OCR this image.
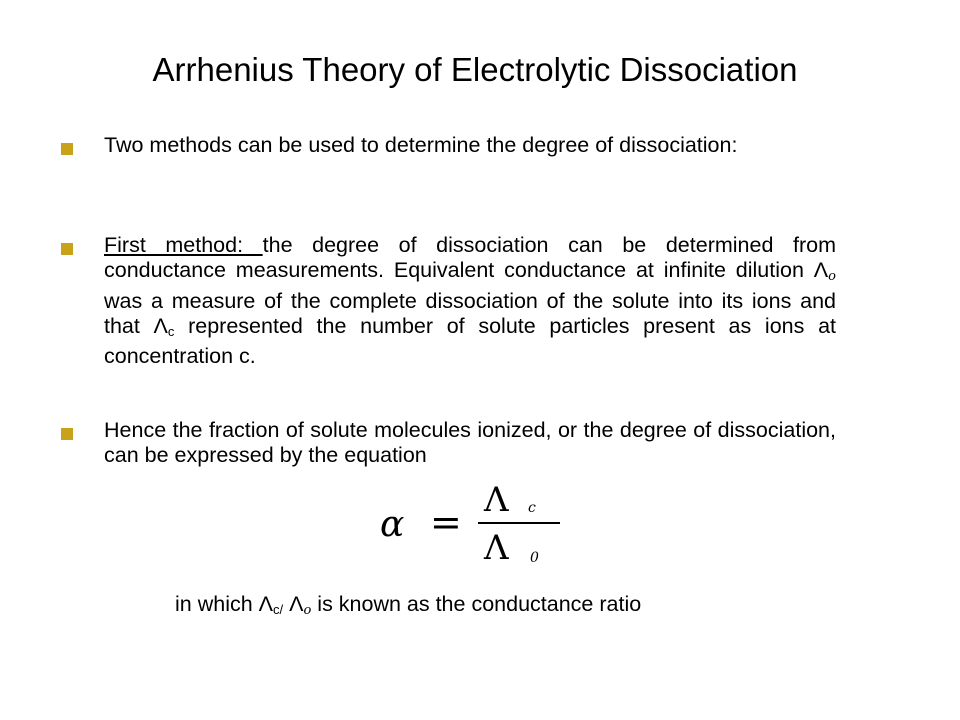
Arrhenius Theory of Electrolytic Dissociation
Two methods can be used to determine the degree of dissociation:
First method: the degree of dissociation can be determined from conductance measurements. Equivalent conductance at infinite dilution Λo was a measure of the complete dissociation of the solute into its ions and that $\Lambda_c$ represented the number of solute particles present as ions at concentration c.
Hence the fraction of solute molecules ionized, or the degree of dissociation, can be expressed by the equation
α = Λ c
Λ 0
in which $\Lambda_{c/}$ Λo is known as the conductance ratio
